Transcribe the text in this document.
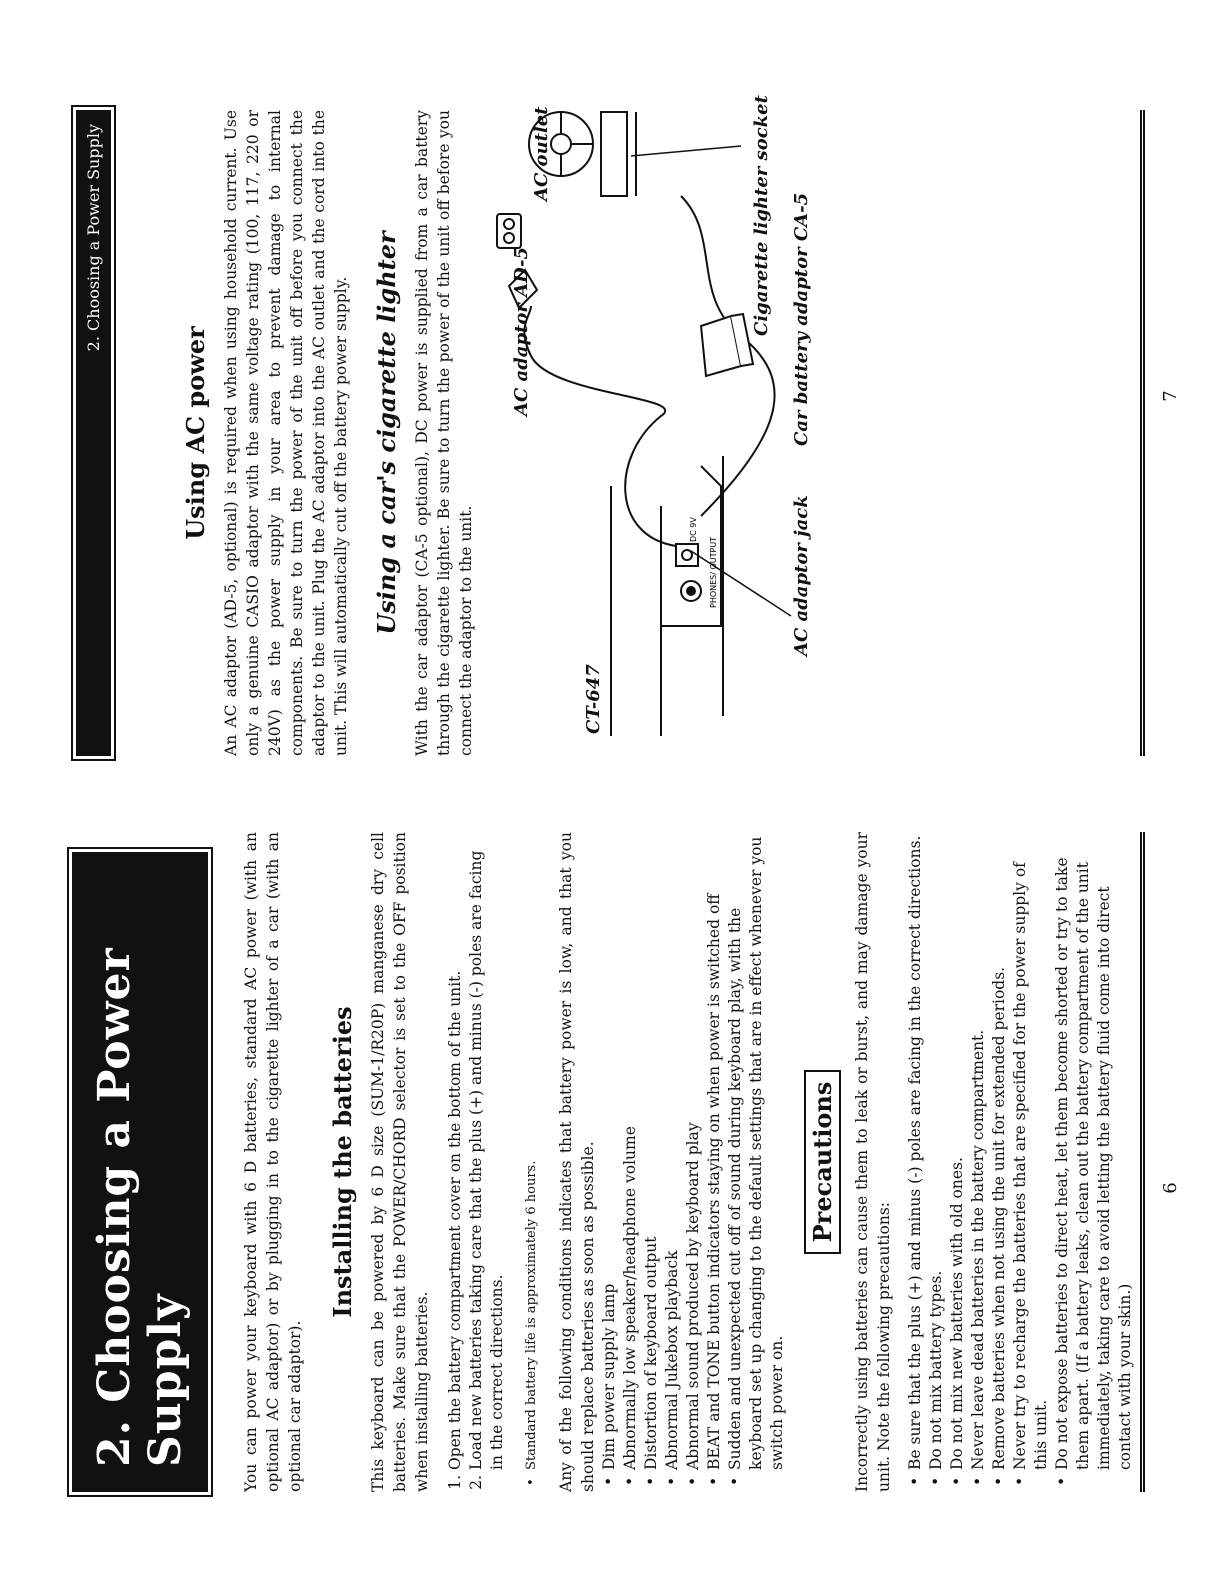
2. Choosing a Power Supply	You can power your keyboard with 6 D batteries, standard AC power (with an optional AC adaptor) or by plugging in to the cigarette lighter of a car (with an optional car adaptor).

Installing the batteries This keyboard can be powered by 6 D size (SUM-1/R20P) manganese dry cell batteries. Make sure that the POWER/CHORD selector is set to the OFF position when installing batteries. 1. Open the battery compartment cover on the bottom of the unit. 2. Load new batteries taking care that the plus (+) and minus (-) poles are facing in the correct directions. • Standard battery life is approximately 6 hours. Any of the following conditions indicates that battery power is low, and that you should replace batteries as soon as possible. • Dim power supply lamp • Abnormally low speaker/headphone volume • Distortion of keyboard output • Abnormal Jukebox playback • Abnormal sound produced by keyboard play • BEAT and TONE button indicators staying on when power is switched off • Sudden and unexpected cut off of sound during keyboard play, with the keyboard set up changing to the default settings that are in effect whenever you switch power on.
Precautions Incorrectly using batteries can cause them to leak or burst, and may damage your unit. Note the following precautions: • Be sure that the plus (+) and minus (-) poles are facing in the correct directions. • Do not mix battery types. • Do not mix new batteries with old ones. • Never leave dead batteries in the battery compartment. • Remove batteries when not using the unit for extended periods. • Never try to recharge the batteries that are specified for the power supply of this unit. • Do not expose batteries to direct heat, let them become shorted or try to take them apart. (If a battery leaks, clean out the battery compartment of the unit immediately, taking care to avoid letting the battery fluid come into direct contact with your skin.)
6
2. Choosing a Power Supply
Using AC power An AC adaptor (AD-5, optional) is required when using household current. Use only a genuine CASIO adaptor with the same voltage rating (100, 117, 220 or 240V) as the power supply in your area to prevent damage to internal components. Be sure to turn the power of the unit off before you connect the adaptor to the unit. Plug the AC adaptor into the AC outlet and the cord into the unit. This will automatically cut off the battery power supply. Using a car's cigarette lighter With the car adaptor (CA-5 optional), DC power is supplied from a car battery through the cigarette lighter. Be sure to turn the power of the unit off before you connect the adaptor to the unit.	PHONES/ OUTPUT
DC 9V
CT-647
AC adaptor jack
AC adaptor AD-5
AC outlet
Car battery adaptor CA-5
Cigarette lighter socket
7
